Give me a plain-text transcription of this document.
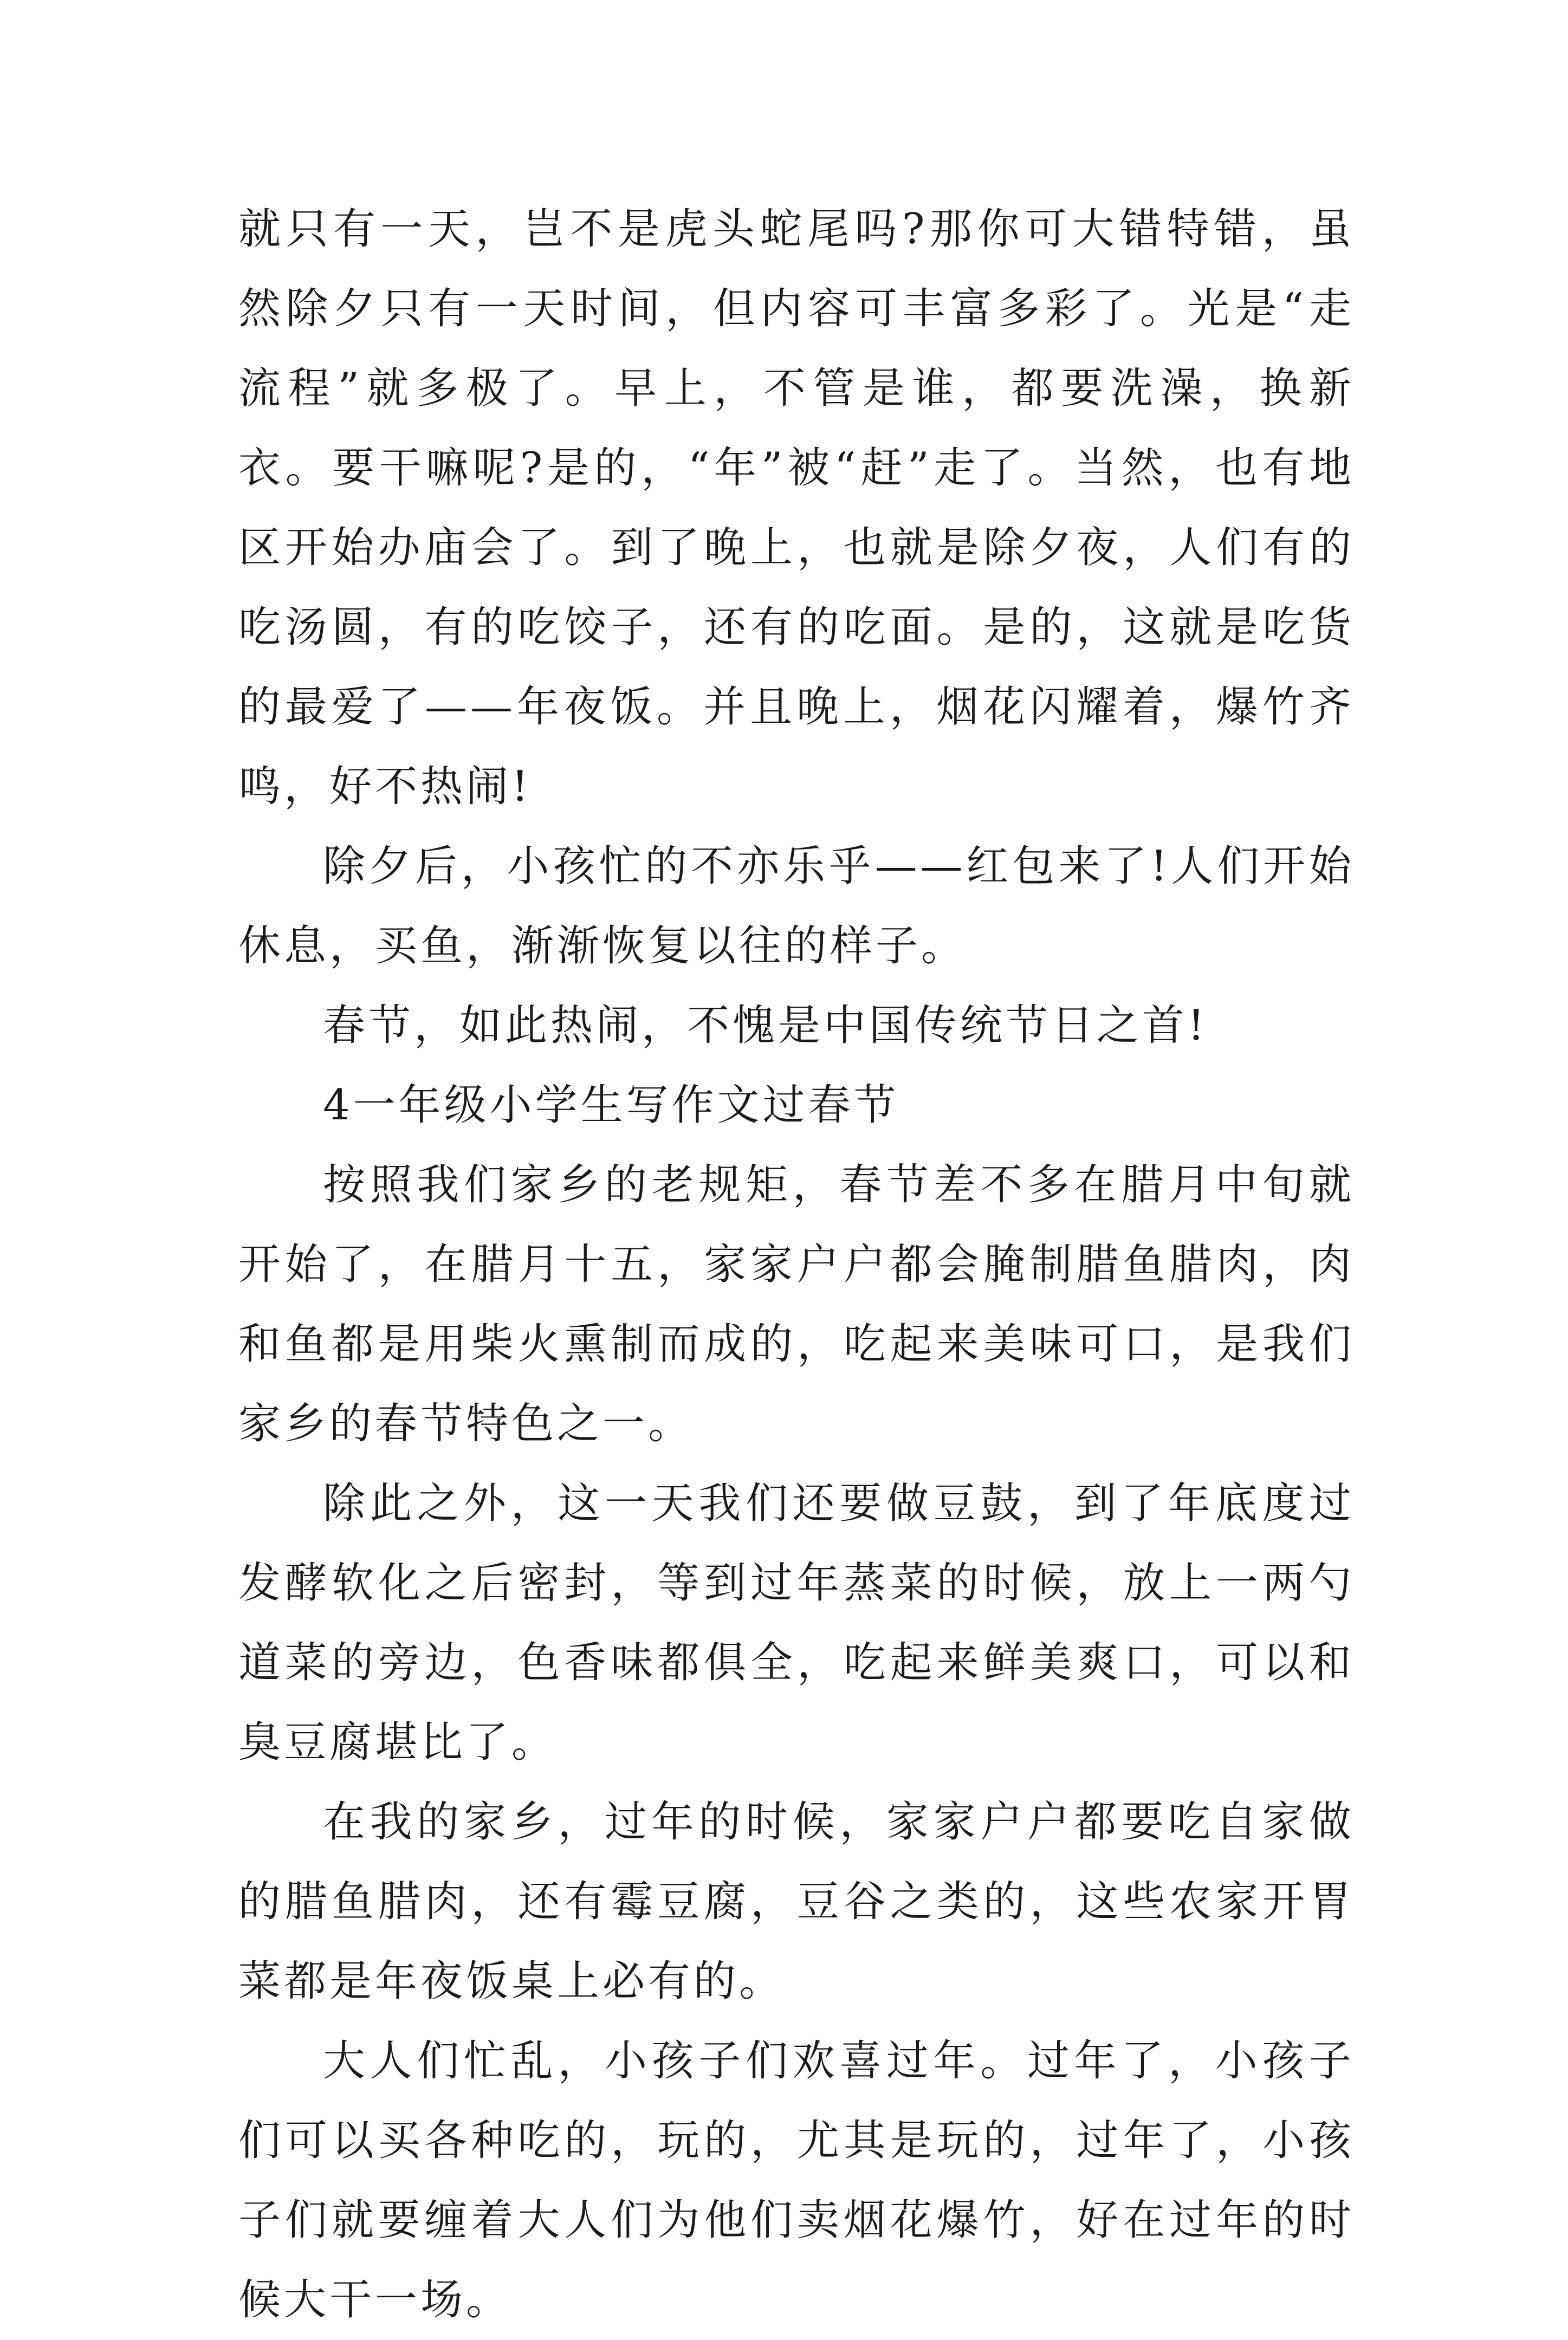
就只有一天，岂不是虎头蛇尾吗?那你可大错特错，虽然除夕只有一天时间，但内容可丰富多彩了。光是“走流程”就多极了。早上，不管是谁，都要洗澡，换新衣。要干嘛呢?是的，“年”被“赶”走了。当然，也有地区开始办庙会了。到了晚上，也就是除夕夜，人们有的吃汤圆，有的吃饺子，还有的吃面。是的，这就是吃货的最爱了——年夜饭。并且晚上，烟花闪耀着，爆竹齐鸣，好不热闹!

除夕后，小孩忙的不亦乐乎——红包来了!人们开始休息，买鱼，渐渐恢复以往的样子。

春节，如此热闹，不愧是中国传统节日之首!

4一年级小学生写作文过春节

按照我们家乡的老规矩，春节差不多在腊月中旬就开始了，在腊月十五，家家户户都会腌制腊鱼腊肉，肉和鱼都是用柴火熏制而成的，吃起来美味可口，是我们家乡的春节特色之一。

除此之外，这一天我们还要做豆鼓，到了年底度过发酵软化之后密封，等到过年蒸菜的时候，放上一两勺道菜的旁边，色香味都俱全，吃起来鲜美爽口，可以和臭豆腐堪比了。

在我的家乡，过年的时候，家家户户都要吃自家做的腊鱼腊肉，还有霉豆腐，豆谷之类的，这些农家开胃菜都是年夜饭桌上必有的。

大人们忙乱，小孩子们欢喜过年。过年了，小孩子们可以买各种吃的，玩的，尤其是玩的，过年了，小孩子们就要缠着大人们为他们卖烟花爆竹，好在过年的时候大干一场。
